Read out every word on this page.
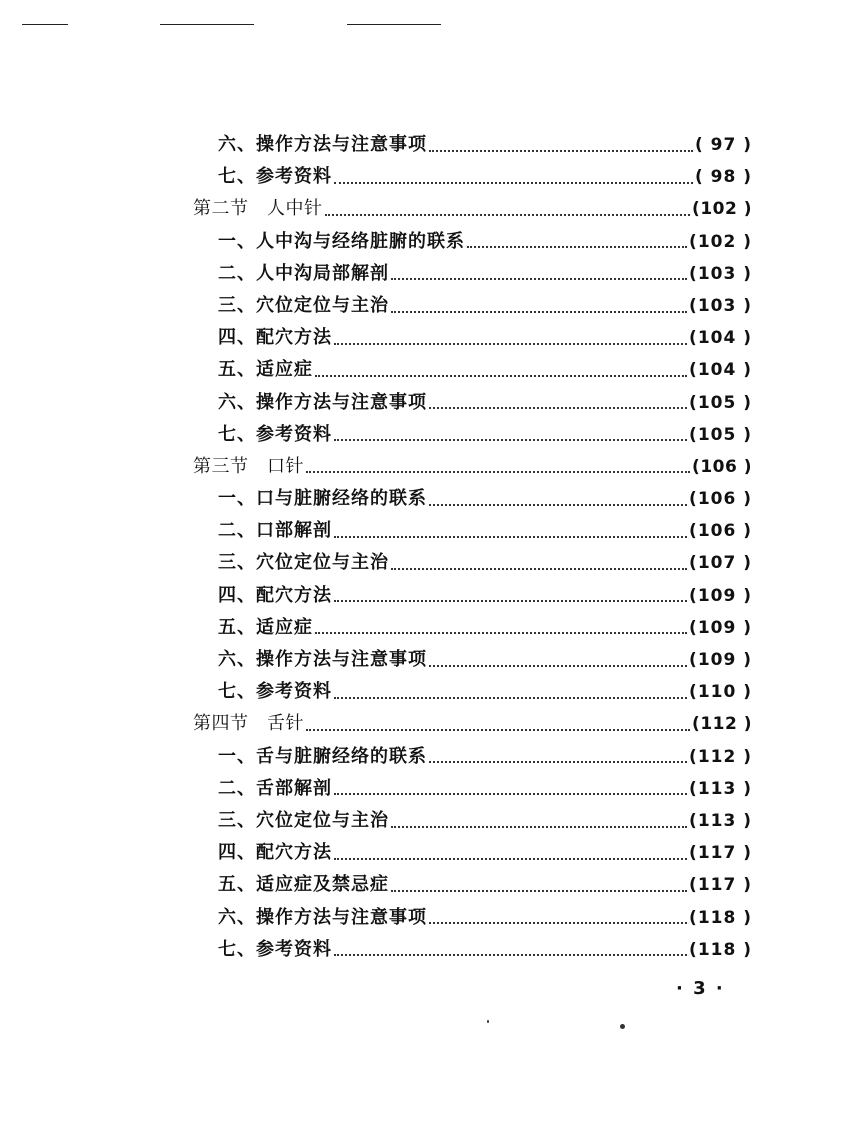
六、操作方法与注意事项	( 97 )
七、参考资料	( 98 )
第二节　人中针	(102 )
一、人中沟与经络脏腑的联系	(102 )
二、人中沟局部解剖	(103 )
三、穴位定位与主治	(103 )
四、配穴方法	(104 )
五、适应症	(104 )
六、操作方法与注意事项	(105 )
七、参考资料	(105 )
第三节　口针	(106 )
一、口与脏腑经络的联系	(106 )
二、口部解剖	(106 )
三、穴位定位与主治	(107 )
四、配穴方法	(109 )
五、适应症	(109 )
六、操作方法与注意事项	(109 )
七、参考资料	(110 )
第四节　舌针	(112 )
一、舌与脏腑经络的联系	(112 )
二、舌部解剖	(113 )
三、穴位定位与主治	(113 )
四、配穴方法	(117 )
五、适应症及禁忌症	(117 )
六、操作方法与注意事项	(118 )
七、参考资料	(118 )
· 3 ·
